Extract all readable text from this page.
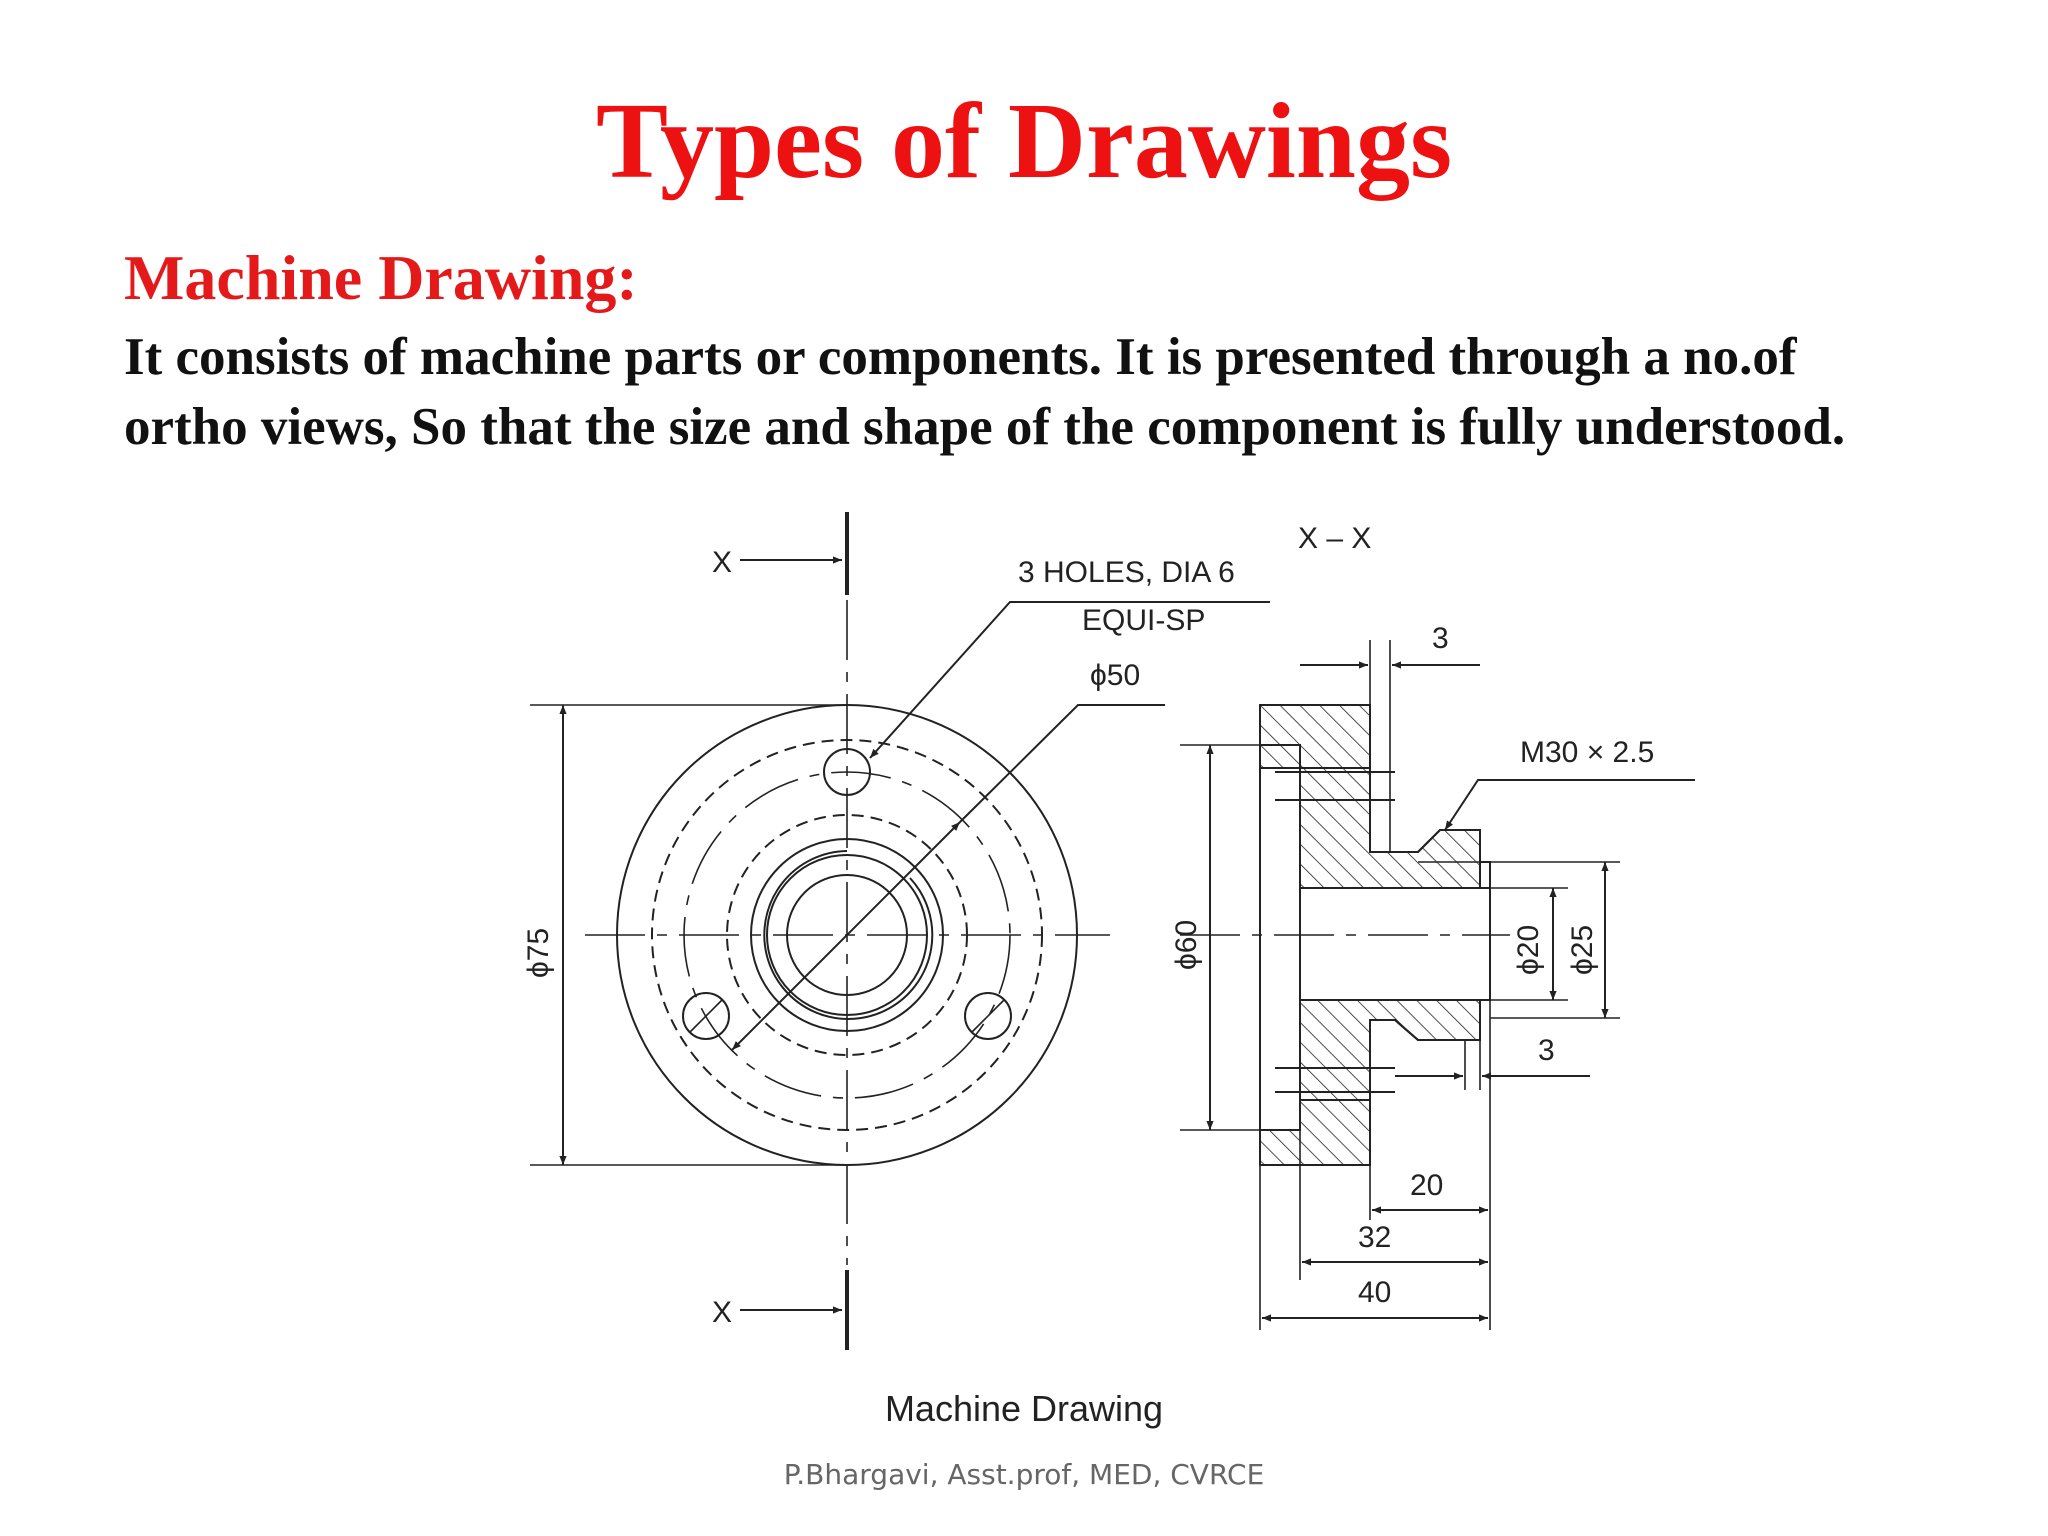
Types of Drawings
Machine Drawing:
It consists of machine parts or components. It is presented through a no.of
ortho views, So that the size and shape of the component is fully understood.
X
X
X – X
3 HOLES, DIA 6
EQUI-SP
ϕ50
ϕ75	ϕ60
M30 × 2.5
ϕ20 ϕ25
3
3
20
32
40
Machine Drawing
P.Bhargavi, Asst.prof, MED, CVRCE
